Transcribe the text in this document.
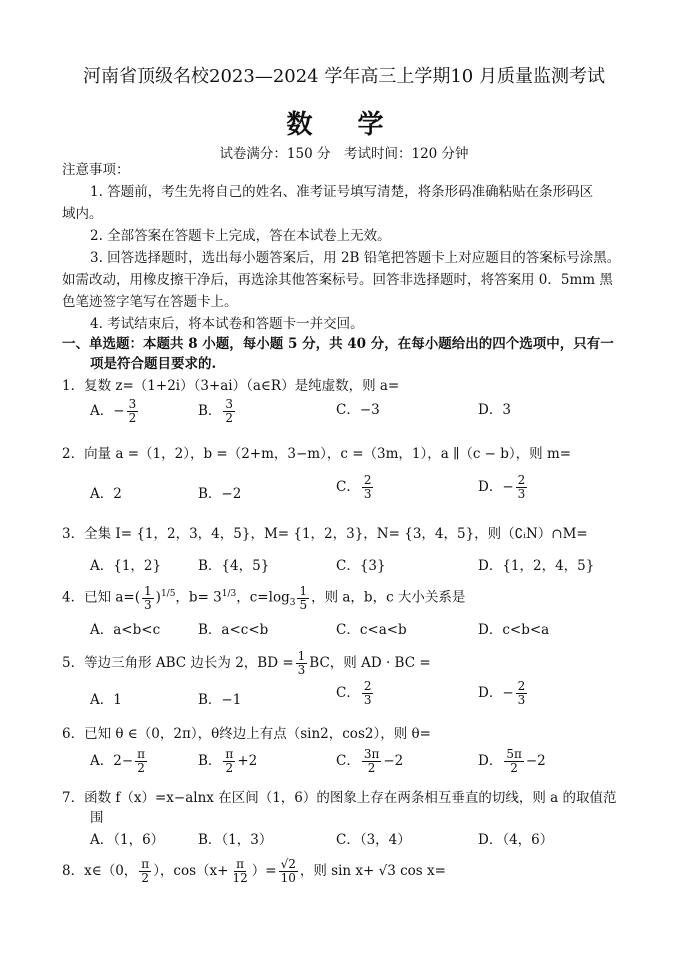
河南省顶级名校2023—2024 学年高三上学期10 月质量监测考试
数 学
试卷满分：150 分　考试时间：120 分钟
注意事项：
1. 答题前，考生先将自己的姓名、准考证号填写清楚，将条形码准确粘贴在条形码区
域内。
2. 全部答案在答题卡上完成，答在本试卷上无效。
3. 回答选择题时，选出每小题答案后，用 2B 铅笔把答题卡上对应题目的答案标号涂黑。
如需改动，用橡皮擦干净后，再选涂其他答案标号。回答非选择题时，将答案用 0．5mm 黑
色笔迹签字笔写在答题卡上。
4. 考试结束后，将本试卷和答题卡一并交回。
一、单选题：本题共 8 小题，每小题 5 分，共 40 分，在每小题给出的四个选项中，只有一
项是符合题目要求的.
1．复数 z=（1+2i）（3+ai）（a∈R）是纯虚数，则 a=
A．− $\frac{3}{2}$	B． $\frac{3}{2}$	C．−3	D．3
2．向量 a =（1，2），b =（2+m，3−m），c =（3m，1），a ∥（c − b），则 m=
A．2	B．−2	C． $\frac{2}{3}$	D．− $\frac{2}{3}$
3．全集 I= {1，2，3，4，5}，M= {1，2，3}，N= {3，4，5}，则（∁ᵢN）∩M=
A．{1，2}	B．{4，5}	C．{3}	D．{1，2，4，5}
4．已知 $a=( \frac{1}{3} )^{1/5}$，$b= 3^{1/3}$，$c=\log_3 \frac{1}{5}$ ，则 a，b，c 大小关系是
A．a<b<c	B．a<c<b	C．c<a<b	D．c<b<a
5．等边三角形 ABC 边长为 2，BD = $\frac{1}{3}$ BC，则 AD · BC =
A．1	B．−1	C． $\frac{2}{3}$	D．− $\frac{2}{3}$
6．已知 θ ∈（0，2π），θ终边上有点（sin2，cos2），则 θ=
A．$2- \frac{\pi}{2}$	B． $\frac{\pi}{2} +2$	C． $\frac{3\pi}{2} -2$	D． $\frac{5\pi}{2} -2$
7．函数 f（x）=x−alnx 在区间（1，6）的图象上存在两条相互垂直的切线，则 a 的取值范
围
A．（1，6）	B．（1，3）	C．（3，4）	D．（4，6）
8．x∈（0， $\frac{\pi}{2}$ ），$\cos(x+ \frac{\pi}{12}$ ）= $\frac{√2}{10}$ ，则 sin x+ √3 cos x=
